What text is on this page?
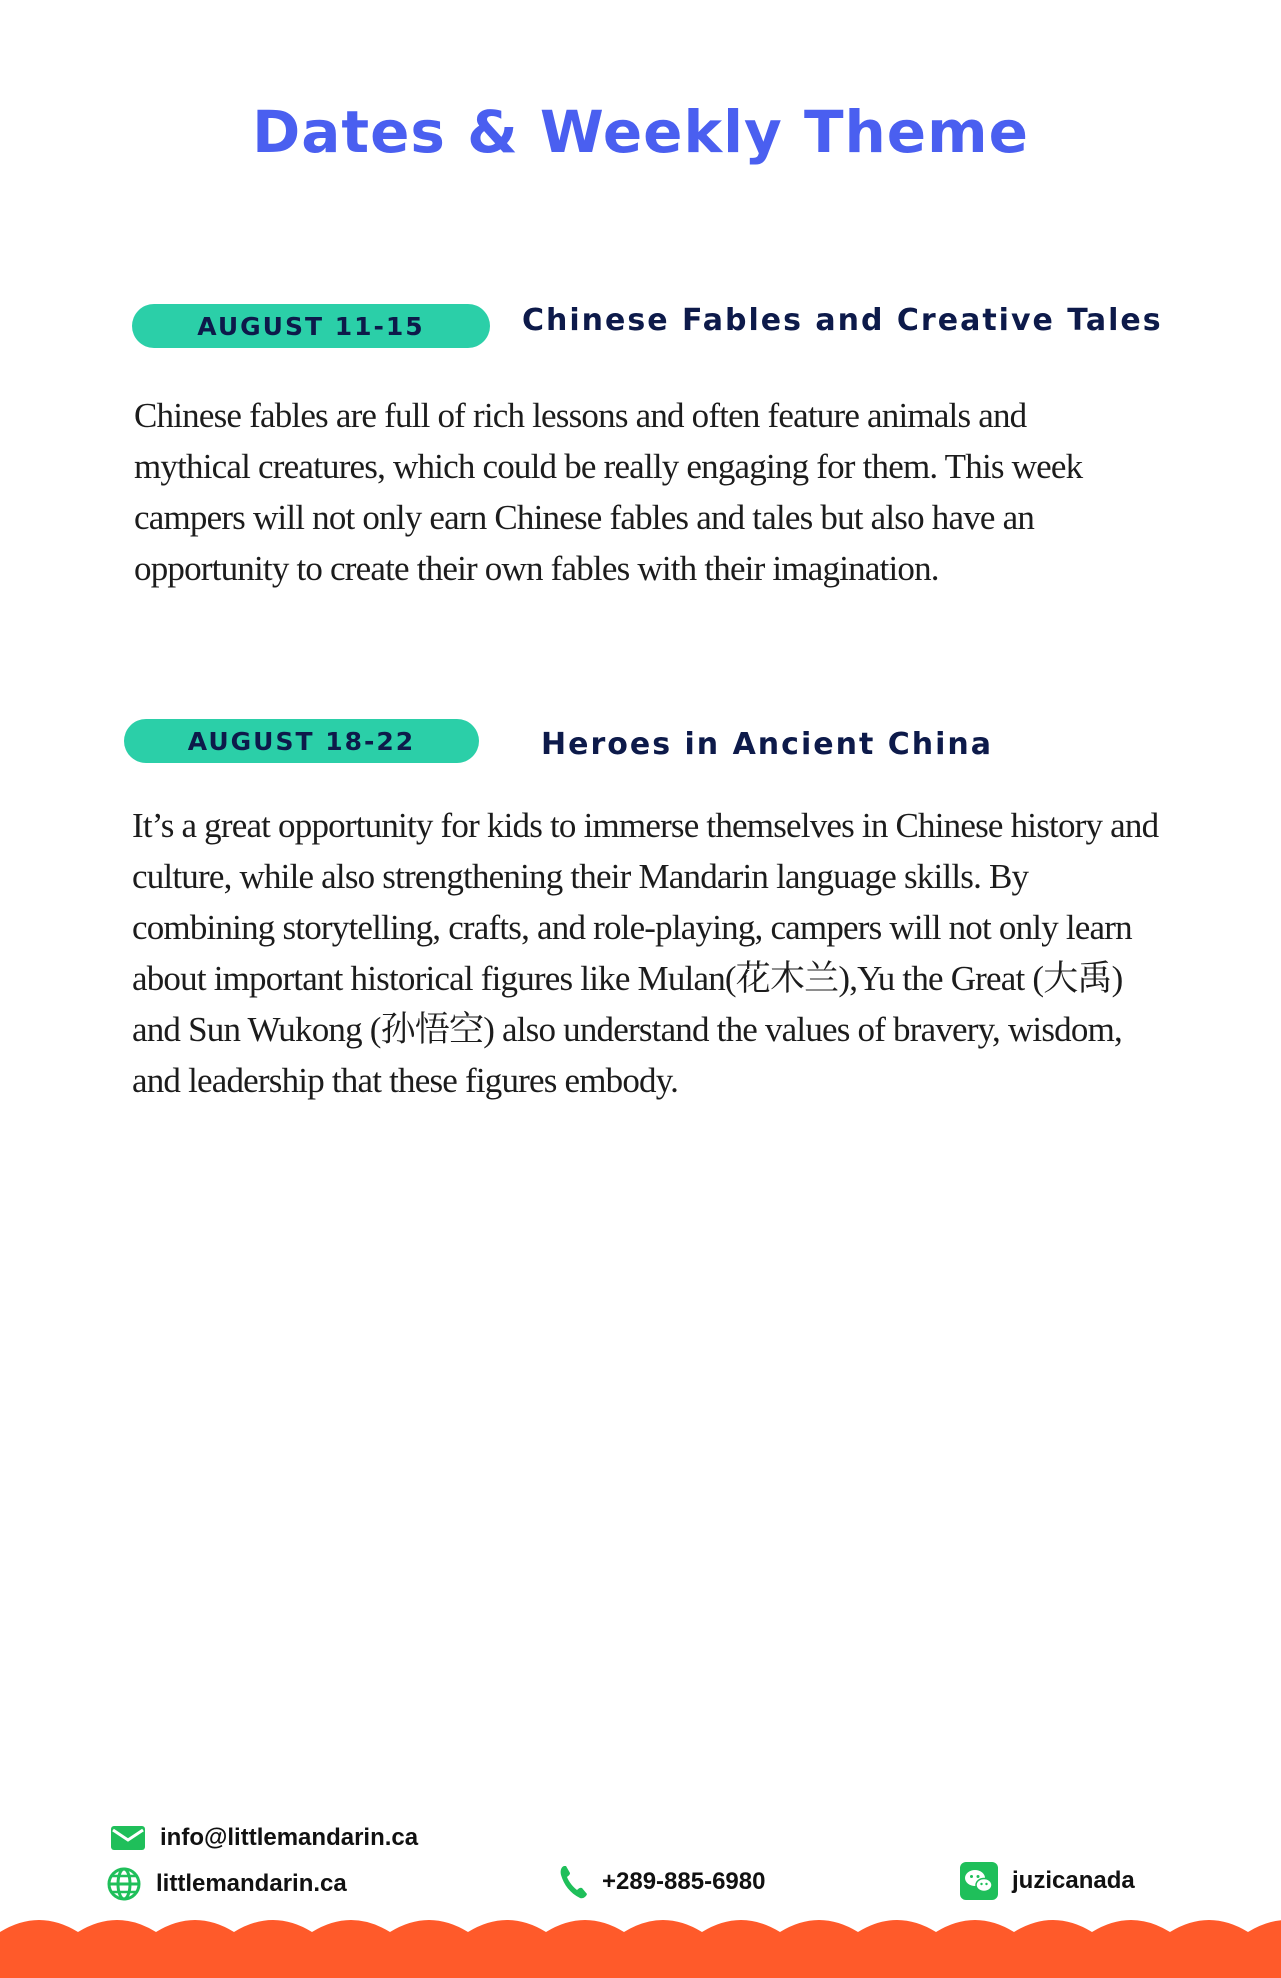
Dates & Weekly Theme
AUGUST 11-15	Chinese Fables and Creative Tales

Chinese fables are full of rich lessons and often feature animals and mythical creatures, which could be really engaging for them. This week campers will not only earn Chinese fables and tales but also have an opportunity to create their own fables with their imagination.

AUGUST 18-22	Heroes in Ancient China

It’s a great opportunity for kids to immerse themselves in Chinese history and culture, while also strengthening their Mandarin language skills. By combining storytelling, crafts, and role-playing, campers will not only learn about important historical figures like Mulan(花木兰),Yu the Great (大禹) and Sun Wukong (孙悟空) also understand the values of bravery, wisdom, and leadership that these figures embody.

info@littlemandarin.ca
littlemandarin.ca	+289-885-6980	juzicanada
